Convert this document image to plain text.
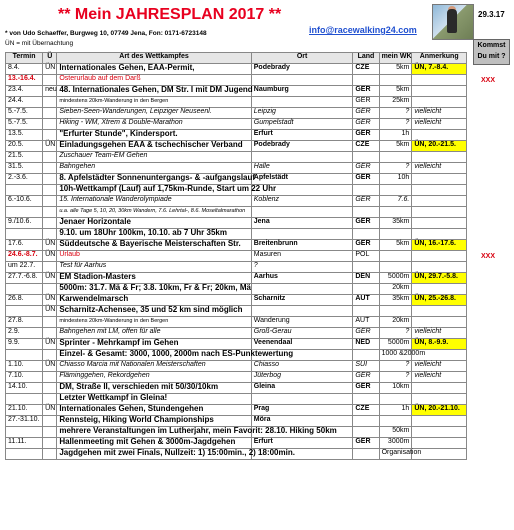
** Mein JAHRESPLAN 2017 **
info@racewalking24.com
29.3.17
* von Udo Schaeffer, Burgweg 10, 07749 Jena, Fon: 0171-6723148
ÜN = mit Übernachtung	Kommst Du mit ?
Termin	Ü	Art des Wettkampfes	Ort	Land	mein WK	Anmerkung
8.4.	ÜN	Internationales Gehen, EAA-Permit,	Podebrady	CZE	5km	ÜN, 7.-8.4.
13.-16.4.		Osterurlaub auf dem Darß				
23.4.	neu	48. Internationales Gehen, DM Str. I mit DM Jugend	Naumburg	GER	5km	
24.4.		mindestens 20km-Wanderung in den Bergen		GER	25km	
5.-7.5.		Sieben-Seen-Wanderungen, Leipziger Neuseenl.	Leipzig	GER	?	vielleicht
5.-7.5.		Hiking - WM, Xtrem & Double-Marathon	Gumpelstadt	GER	?	vielleicht
13.5.		"Erfurter Stunde", Kindersport.	Erfurt	GER	1h	
20.5.	ÜN	Einladungsgehen EAA & tschechischer Verband	Podebrady	CZE	5km	ÜN, 20.-21.5.
21.5.		Zuschauer Team-EM Gehen				
31.5.		Bahngehen	Halle	GER	?	vielleicht
2.-3.6.		8. Apfelstädter Sonnenuntergangs- & -aufgangslauf	Apfelstädt	GER	10h	
		10h-Wettkampf (Lauf) auf 1,75km-Runde, Start um 22 Uhr				
6.-10.6.		15. Internationale Wanderolympiade	Koblenz	GER	7.6.	
		u.a. alle Tage 5, 10, 20, 30km Wandern, 7.6. Lehrtal-, 8.6. Moseltalmarathon				
9./10.6.		Jenaer Horizontale	Jena	GER	35km	
		9.10. um 18Uhr 100km, 10.10. ab 7 Uhr 35km				
17.6.	ÜN	Süddeutsche & Bayerische Meisterschaften Str.	Breitenbrunn	GER	5km	ÜN, 16.-17.6.
24.6.-8.7.	ÜN	Urlaub	Masuren	POL		
um 22.7.		Test für Aarhus	?			
27.7.-6.8.	ÜN	EM Stadion-Masters	Aarhus	DEN	5000m	ÜN, 29.7.-5.8.
		5000m: 31.7. Mä & Fr; 3.8. 10km, Fr & Fr; 20km, Mä			20km	
26.8.	ÜN	Karwendelmarsch	Scharnitz	AUT	35km	ÜN, 25.-26.8.
	ÜN	Scharnitz-Achensee, 35 und 52 km sind möglich				
27.8.		mindestens 20km-Wanderung in den Bergen	Wanderung	AUT	20km	
2.9.		Bahngehen mit LM, offen für alle	Groß-Gerau	GER	?	vielleicht
9.9.	ÜN	Sprinter - Mehrkampf im Gehen	Veenendaal	NED	5000m	ÜN, 8.-9.9.
		Einzel- & Gesamt: 3000, 1000, 2000m nach ES-Punktewertung			1000 &2000m	
1.10.	ÜN	Chiasso Marcia mit Nationalen Meisterschaften	Chiasso	SUI	?	vielleicht
7.10.		Fläminggehen, Rekordgehen	Jüterbog	GER	?	vielleicht
14.10.		DM, Straße II, verschieden mit 50/30/10km	Gleina	GER	10km	
		Letzter Wettkampf in Gleina!				
21.10.	ÜN	Internationales Gehen, Stundengehen	Prag	CZE	1h	ÜN, 20.-21.10.
27.-31.10.		Rennsteig, Hiking World Championships	Möra			
		mehrere Veranstaltungen im Lutherjahr, mein Favorit: 28.10. Hiking 50km			50km	
11.11.		Hallenmeeting mit Gehen & 3000m-Jagdgehen	Erfurt	GER	3000m	
		Jagdgehen mit zwei Finals, Nullzeit: 1) 15:00min., 2) 18:00min.			Organisation	
XXX
XXX
